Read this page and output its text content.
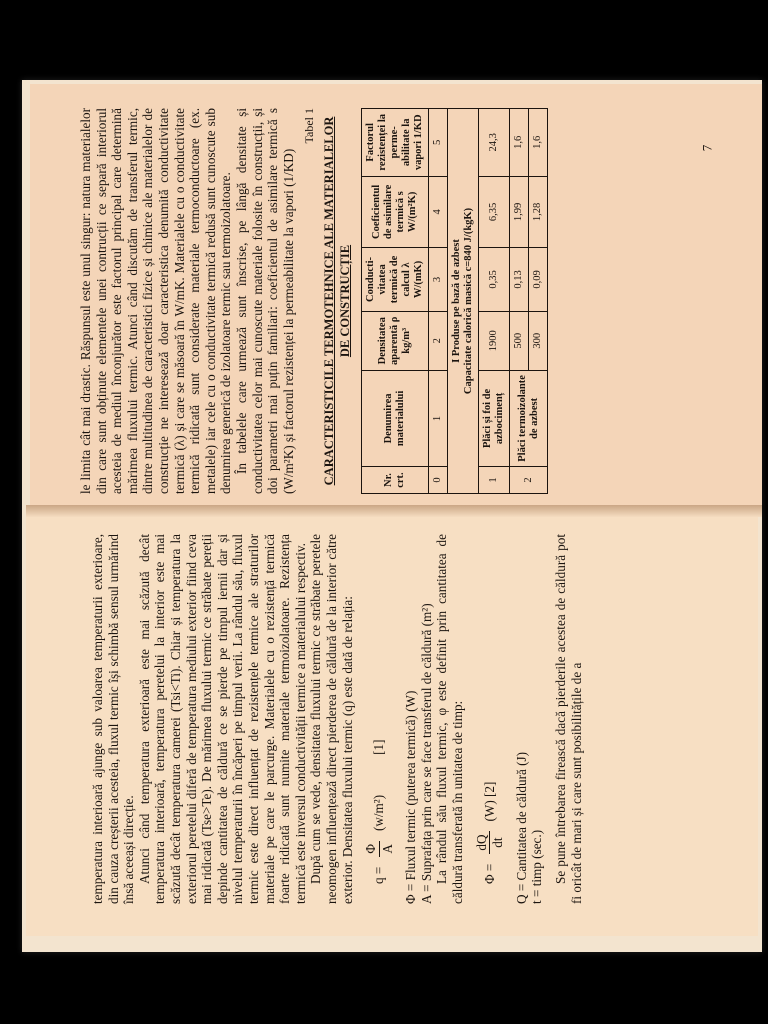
le limita cât mai drastic. Răspunsul este unul singur: natura materialelor din care sunt obținute elementele unei contrucții ce separă interiorul acesteia de mediul înconjurător este factorul principal care determină mărimea fluxului termic. Atunci când discutăm de transferul termic, dintre multitudinea de caracteristici fizice și chimice ale materialelor de construcție ne interesează doar caracteristica denumită conductivitate termică (λ) și care se măsoară în W/mK. Materialele cu o conductivitate termică ridicată sunt considerate materiale termoconductoare (ex. metalele) iar cele cu o conductivitate termică redusă sunt cunoscute sub denumirea generică de izolatoare termic sau termoizolatoare. În tabelele care urmează sunt înscrise, pe lângă densitate și conductivitatea celor mai cunoscute materiale folosite în construcții, și doi parametri mai puțin familiari: coeficientul de asimilare termică s (W/m²K) și factorul rezistenței la permeabilitate la vapori (1/KD)

Tabel 1 CARACTERISTICILE TERMOTEHNICE ALE MATERIALELOR DE CONSTRUCȚIE
Nr. crt.	Denumirea materialului	Densitatea aparentă ρ kg/m³	Conducti- vitatea termică de calcul λ W/(mK)	Coeficientul de asimilare termică s W/(m²K)	Factorul rezistenței la perme- abilitate la vapori 1/KD
0	1	2	3	4	5

I Produse pe bază de azbest Capacitate calorică masică c=840 J/(kgK)					

1	Plăci și foi de azbocimenț	1900	0,35	6,35	24,3
2	Plăci termoizolante de azbest	500	0,13	1,99	1,6
		300	0,09	1,28	1,6	7

temperatura interioară ajunge sub valoarea temperaturii exterioare, din cauza creșterii acesteia, fluxul termic își schimbă sensul urmărind însă aceeași direcție. Atunci când temperatura exterioară este mai scăzută decât temperatura interioară, temperatura peretelui la interior este mai scăzută decât temperatura camerei (Tsi<Ti). Chiar și temperatura la exteriorul peretelui diferă de temperatura mediului exterior fiind ceva mai ridicată (Tse>Te). De mărimea fluxului termic ce străbate pereții depinde cantitatea de căldură ce se pierde pe timpul iernii dar și nivelul temperaturii în încăperi pe timpul verii. La rândul său, fluxul termic este direct influențat de rezistențele termice ale straturilor materiale pe care le parcurge. Materialele cu o rezistență termică foarte ridicată sunt numite materiale termoizolatoare. Rezistența termică este inversul conductivității termice a materialului respectiv. După cum se vede, densitatea fluxului termic ce străbate peretele neomogen influențează direct pierderea de căldură de la interior către exterior. Densitatea fluxului termic (q) este dată de relația: q =
Φ A
(w/m²)
[1] Φ = Fluxul termic (puterea termică) (W) A = Suprafața prin care se face transferul de căldură (m²) La rândul său fluxul termic, φ este definit prin cantitatea de căldură transferată în unitatea de timp: Φ =
dQ dt
(W) [2] Q = Cantitatea de căldură (J) t = timp (sec.) Se pune întrebarea firească dacă pierderile acestea de căldură pot fi oricât de mari și care sunt posibilitățile de a
